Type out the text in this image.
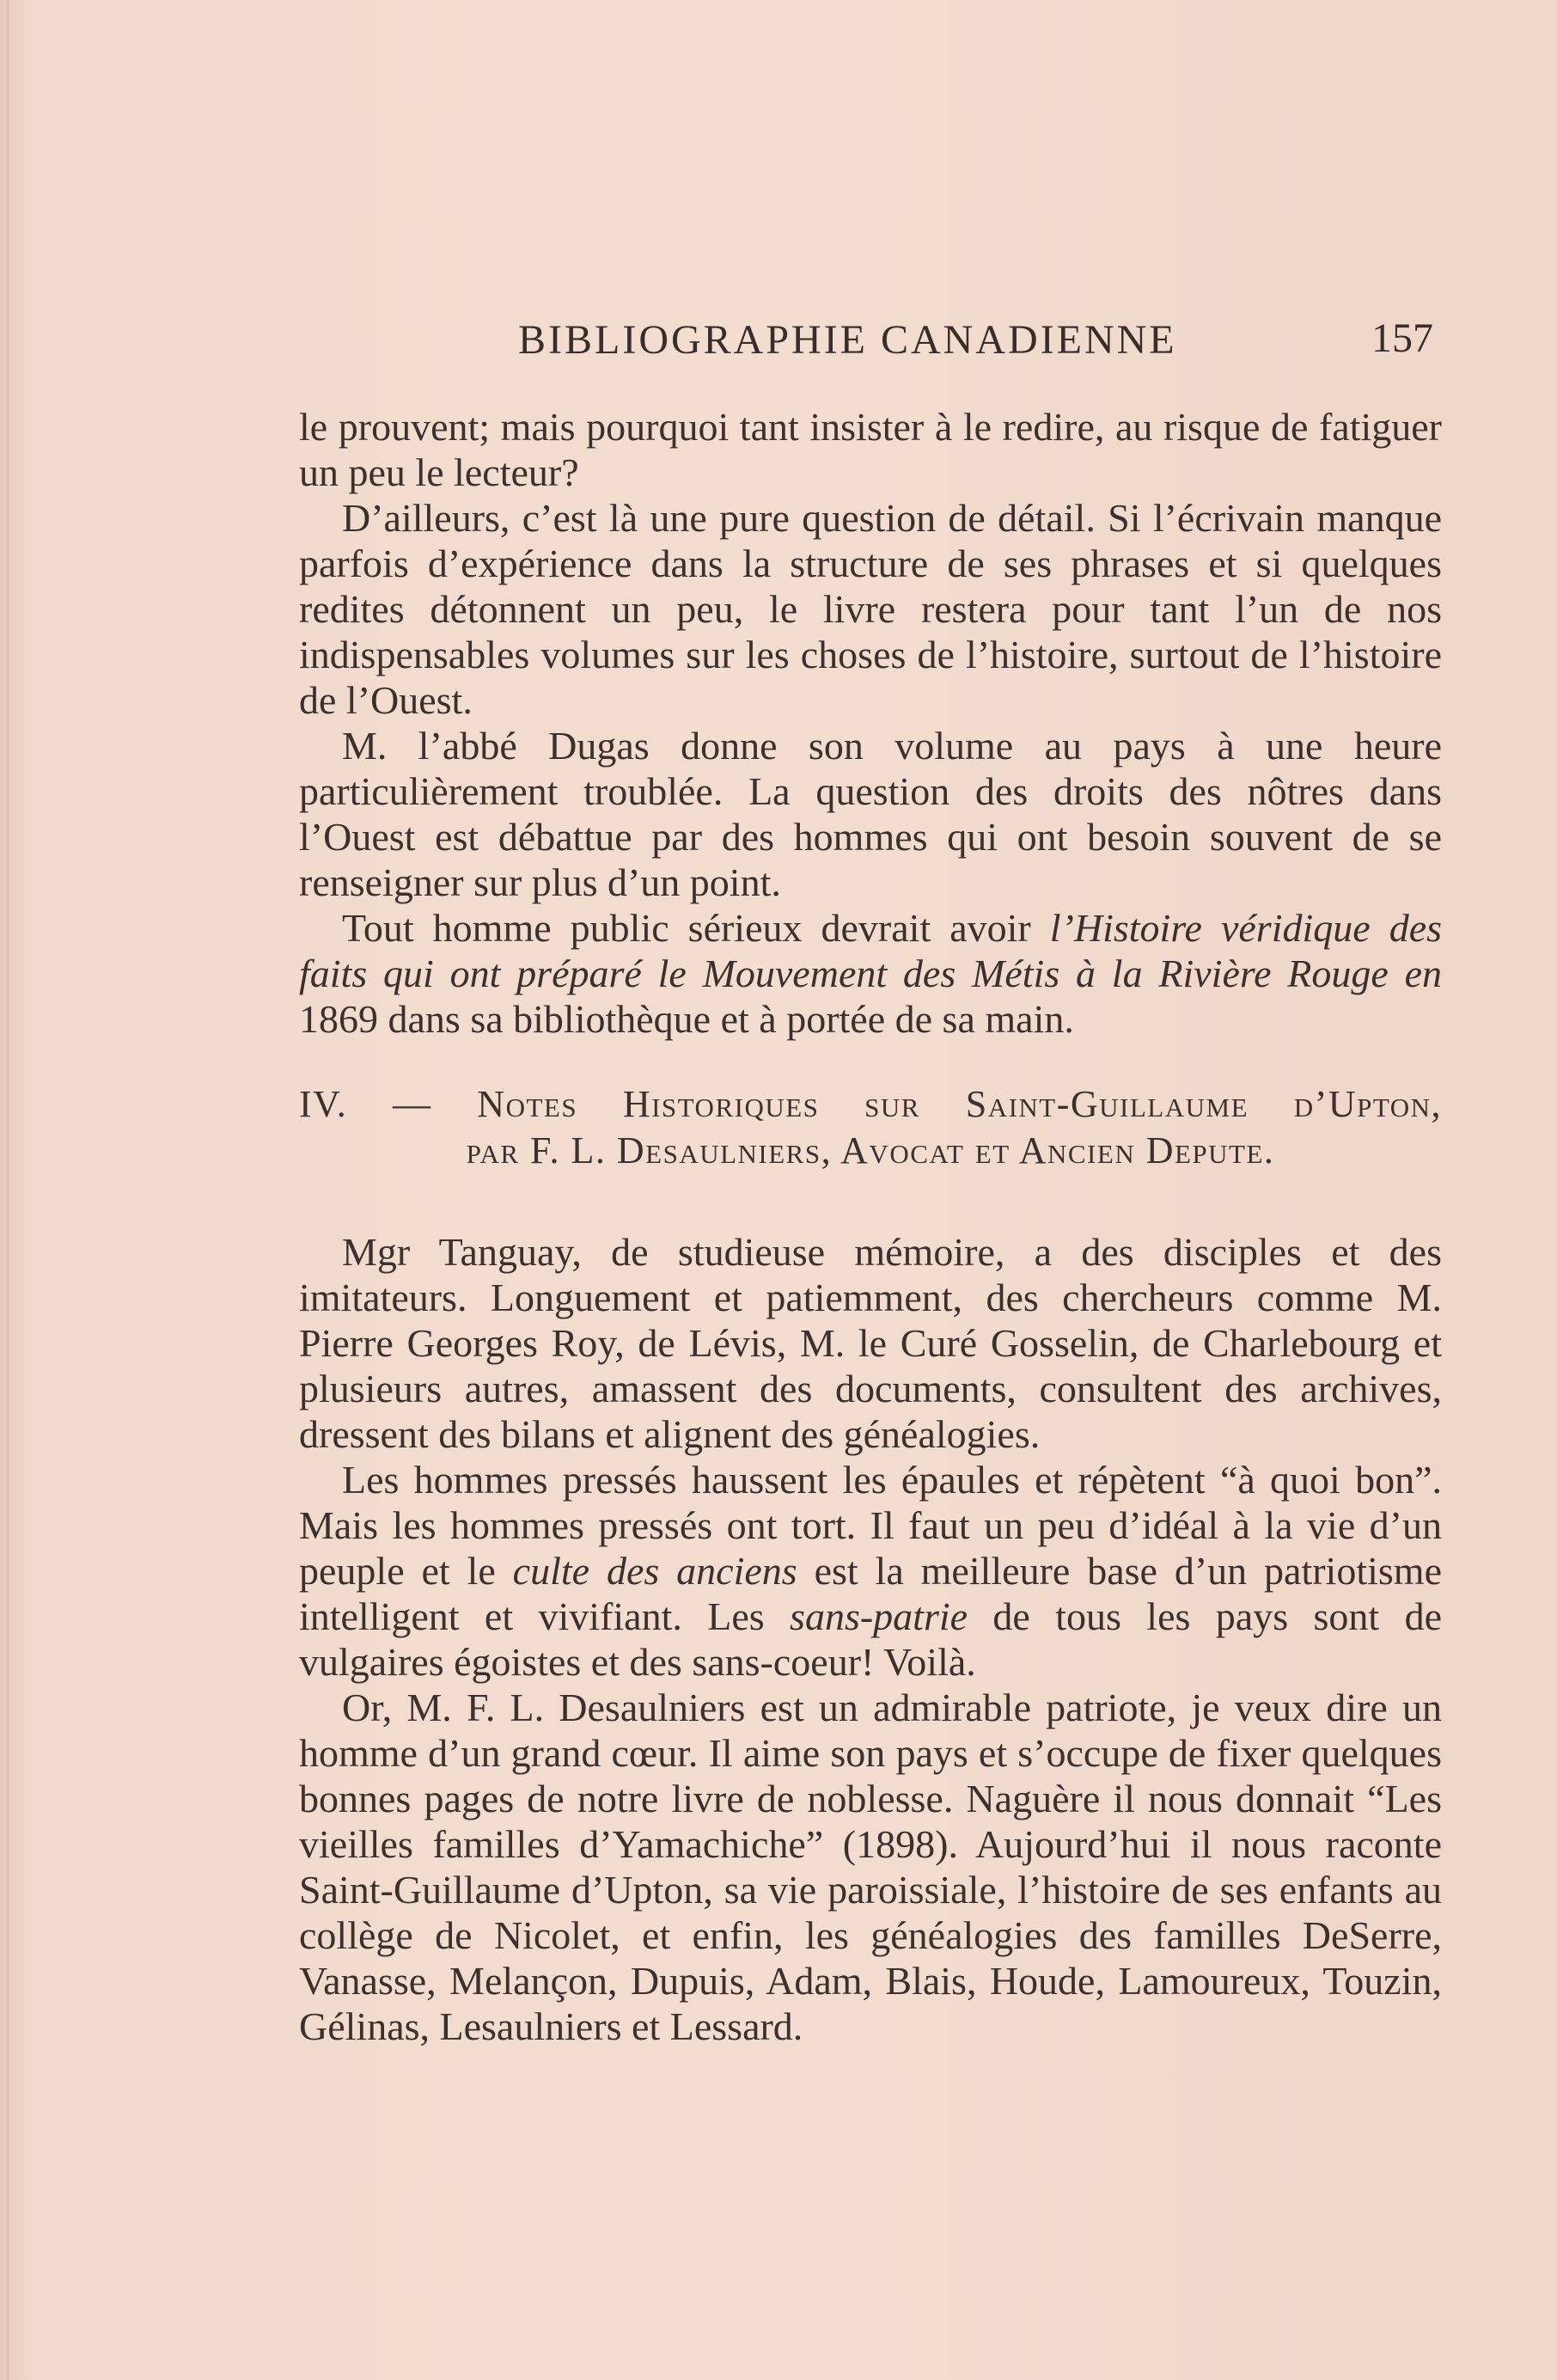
BIBLIOGRAPHIE CANADIENNE	157

le prouvent; mais pourquoi tant insister à le redire, au risque de fatiguer un peu le lecteur?

D’ailleurs, c’est là une pure question de détail. Si l’écrivain manque parfois d’expérience dans la structure de ses phrases et si quelques redites détonnent un peu, le livre restera pour tant l’un de nos indispensables volumes sur les choses de l’histoire, surtout de l’histoire de l’Ouest.

M. l’abbé Dugas donne son volume au pays à une heure particulièrement troublée. La question des droits des nôtres dans l’Ouest est débattue par des hommes qui ont besoin souvent de se renseigner sur plus d’un point.

Tout homme public sérieux devrait avoir l’Histoire véridique des faits qui ont préparé le Mouvement des Métis à la Rivière Rouge en 1869 dans sa bibliothèque et à portée de sa main.

IV. — Notes Historiques sur Saint-Guillaume d’Upton,
par F. L. Desaulniers, Avocat et Ancien Depute.

Mgr Tanguay, de studieuse mémoire, a des disciples et des imitateurs. Longuement et patiemment, des chercheurs comme M. Pierre Georges Roy, de Lévis, M. le Curé Gosselin, de Charlebourg et plusieurs autres, amassent des documents, consultent des archives, dressent des bilans et alignent des généalogies.

Les hommes pressés haussent les épaules et répètent “à quoi bon”. Mais les hommes pressés ont tort. Il faut un peu d’idéal à la vie d’un peuple et le culte des anciens est la meilleure base d’un patriotisme intelligent et vivifiant. Les sans-patrie de tous les pays sont de vulgaires égoistes et des sans-coeur! Voilà.

Or, M. F. L. Desaulniers est un admirable patriote, je veux dire un homme d’un grand cœur. Il aime son pays et s’occupe de fixer quelques bonnes pages de notre livre de noblesse. Naguère il nous donnait “Les vieilles familles d’Yamachiche” (1898). Aujourd’hui il nous raconte Saint-Guillaume d’Upton, sa vie paroissiale, l’histoire de ses enfants au collège de Nicolet, et enfin, les généalogies des familles DeSerre, Vanasse, Melançon, Dupuis, Adam, Blais, Houde, Lamoureux, Touzin, Gélinas, Lesaulniers et Lessard.
